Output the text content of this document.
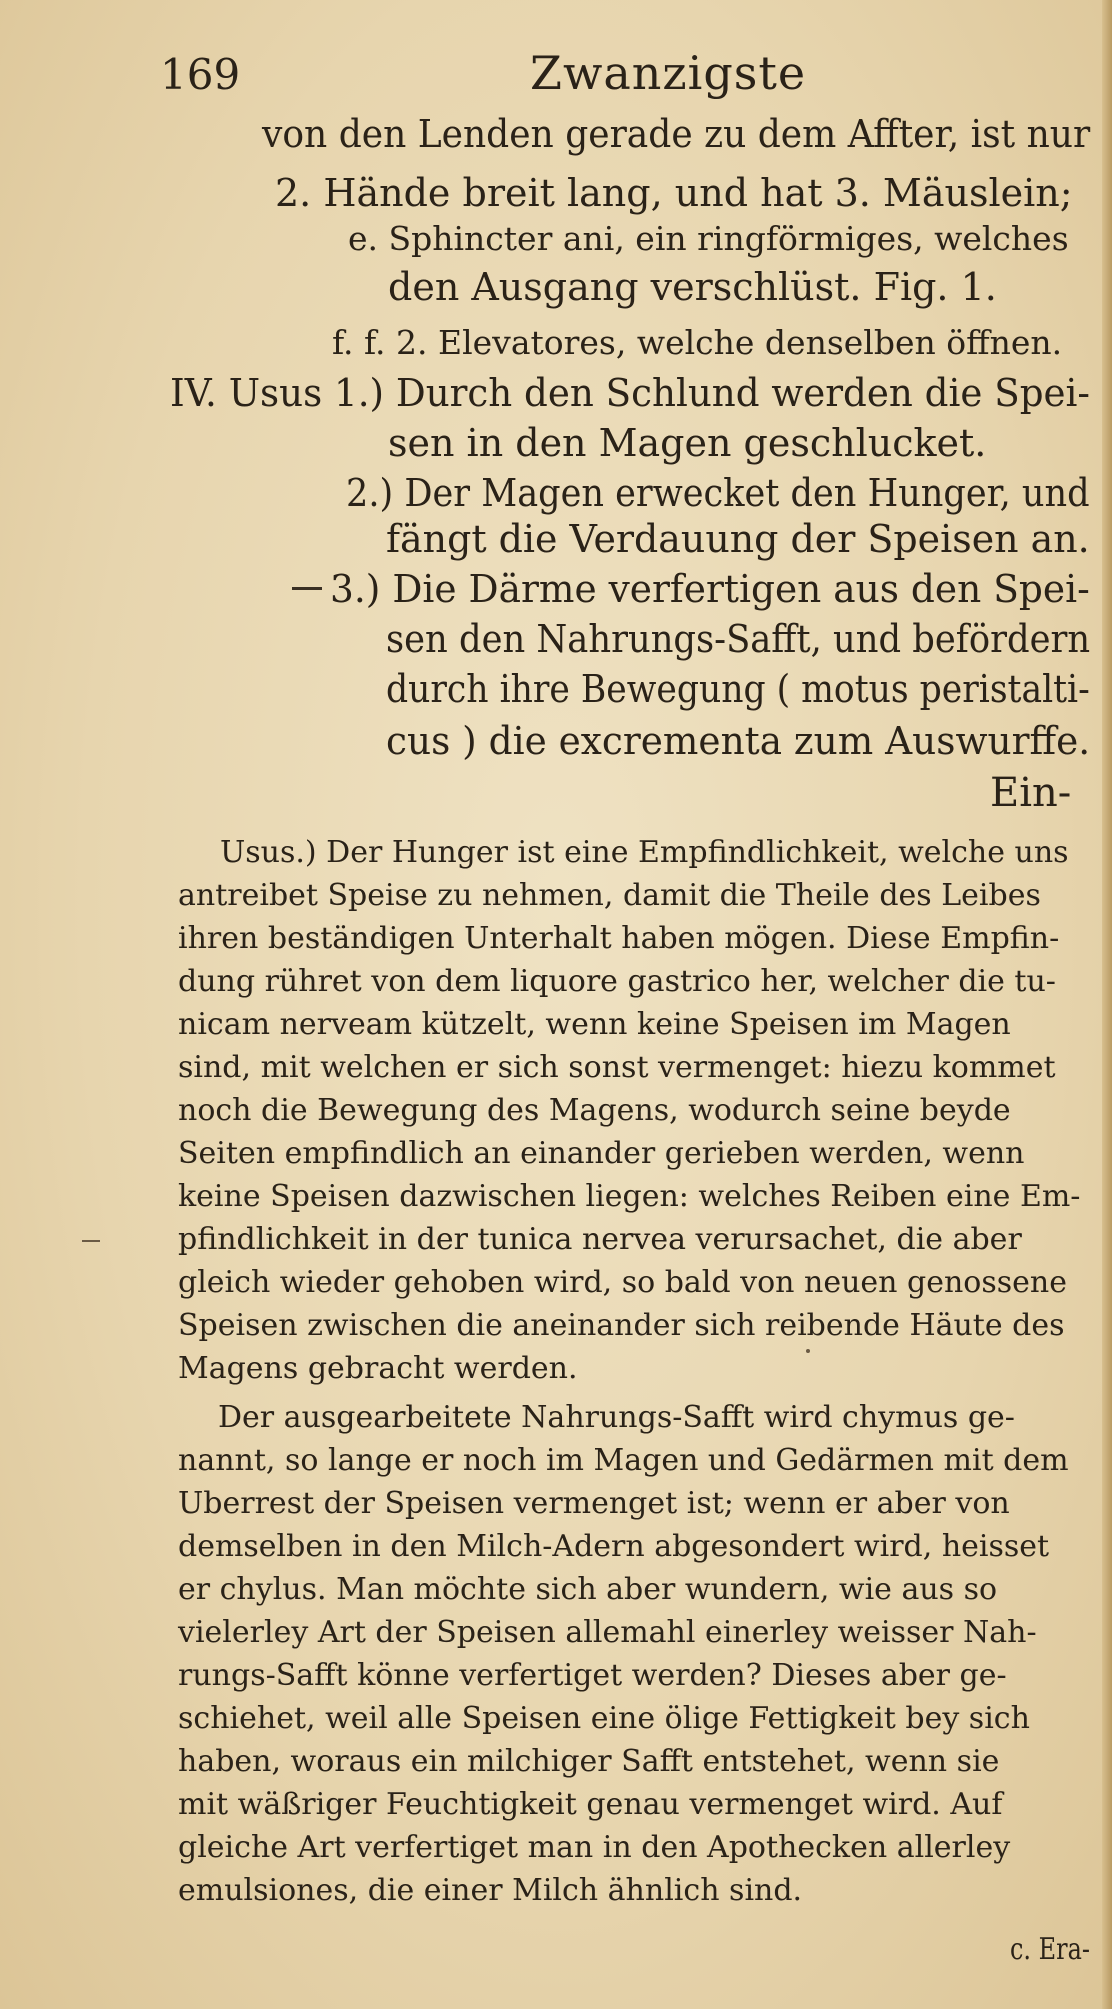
169	Zwanzigste
von den Lenden gerade zu dem Affter, ist nur
2. Hände breit lang, und hat 3. Mäuslein;
e. Sphincter ani, ein ringförmiges, welches
den Ausgang verschlüst. Fig. 1.
f. f. 2. Elevatores, welche denselben öffnen.
IV. Usus 1.) Durch den Schlund werden die Spei-
sen in den Magen geschlucket.
2.) Der Magen erwecket den Hunger, und
fängt die Verdauung der Speisen an.
3.) Die Därme verfertigen aus den Spei-
sen den Nahrungs-Safft, und befördern
durch ihre Bewegung ( motus peristalti-
cus ) die excrementa zum Auswurffe.
Ein-
Usus.) Der Hunger ist eine Empfindlichkeit, welche uns
antreibet Speise zu nehmen, damit die Theile des Leibes
ihren beständigen Unterhalt haben mögen. Diese Empfin-
dung rühret von dem liquore gastrico her, welcher die tu-
nicam nerveam kützelt, wenn keine Speisen im Magen
sind, mit welchen er sich sonst vermenget: hiezu kommet
noch die Bewegung des Magens, wodurch seine beyde
Seiten empfindlich an einander gerieben werden, wenn
keine Speisen dazwischen liegen: welches Reiben eine Em-
pfindlichkeit in der tunica nervea verursachet, die aber
gleich wieder gehoben wird, so bald von neuen genossene
Speisen zwischen die aneinander sich reibende Häute des
Magens gebracht werden.
Der ausgearbeitete Nahrungs-Safft wird chymus ge-
nannt, so lange er noch im Magen und Gedärmen mit dem
Uberrest der Speisen vermenget ist; wenn er aber von
demselben in den Milch-Adern abgesondert wird, heisset
er chylus. Man möchte sich aber wundern, wie aus so
vielerley Art der Speisen allemahl einerley weisser Nah-
rungs-Safft könne verfertiget werden? Dieses aber ge-
schiehet, weil alle Speisen eine ölige Fettigkeit bey sich
haben, woraus ein milchiger Safft entstehet, wenn sie
mit wäßriger Feuchtigkeit genau vermenget wird. Auf
gleiche Art verfertiget man in den Apothecken allerley
emulsiones, die einer Milch ähnlich sind.
c. Era-
